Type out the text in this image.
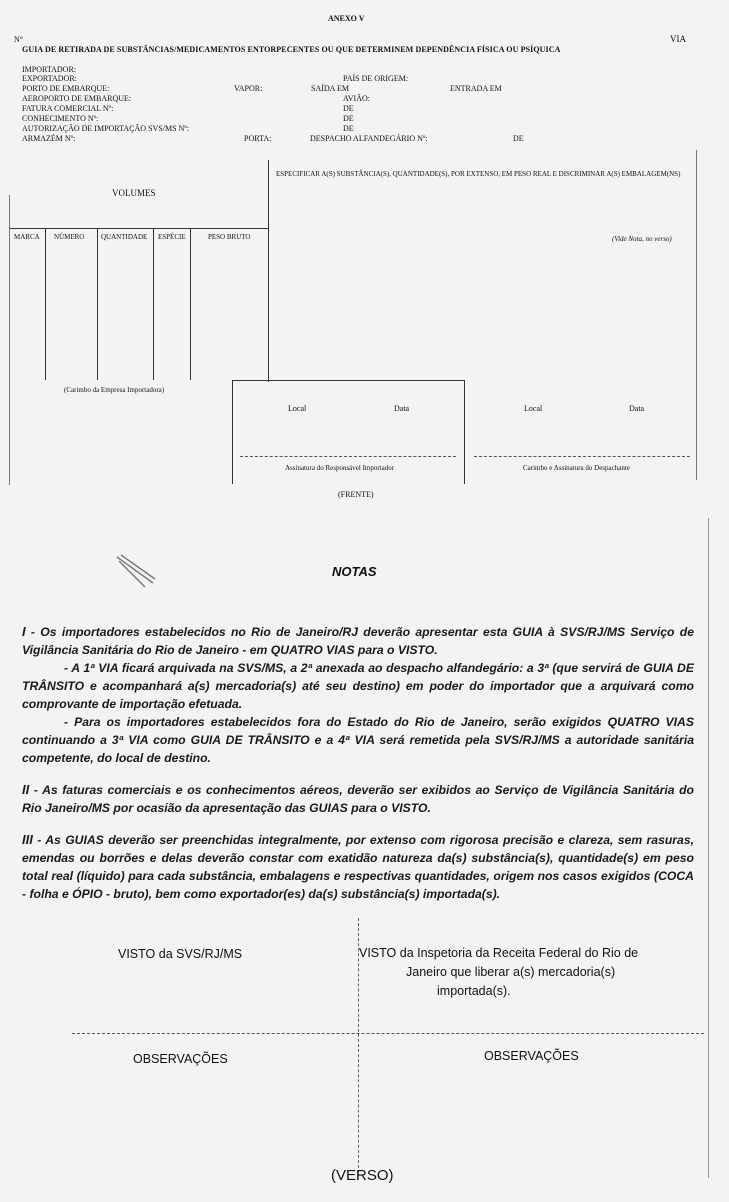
ANEXO V
N°	VIA
GUIA DE RETIRADA DE SUBSTÂNCIAS/MEDICAMENTOS ENTORPECENTES OU QUE DETERMINEM DEPENDÊNCIA FÍSICA OU PSÍQUICA
IMPORTADOR:
EXPORTADOR:	PAÍS DE ORIGEM:
PORTO DE EMBARQUE:	VAPOR:	SAÍDA EM	ENTRADA EM
AEROPORTO DE EMBARQUE:	AVIÃO:
FATURA COMERCIAL Nº:	DE
CONHECIMENTO Nº:	DE
AUTORIZAÇÃO DE IMPORTAÇÃO SVS/MS Nº:	DE
ARMAZÉM Nº:	PORTA:	DESPACHO ALFANDEGÁRIO Nº:	DE
ESPECIFICAR A(S) SUBSTÂNCIA(S), QUANTIDADE(S), POR EXTENSO, EM PESO REAL E DISCRIMINAR A(S) EMBALAGEM(NS)
VOLUMES
MARCA NÚMERO QUANTIDADE ESPÉCIE	PESO BRUTO	(Vide Nota, no verso)
(Carimbo da Empresa Importadora)
Local	Data	Local	Data
Assinatura do Responsável Importador	Carimbo e Assinatura do Despachante
(FRENTE)
NOTAS

I - Os importadores estabelecidos no Rio de Janeiro/RJ deverão apresentar esta GUIA à SVS/RJ/MS Serviço de Vigilância Sanitária do Rio de Janeiro - em QUATRO VIAS para o VISTO.

- A 1ª VIA ficará arquivada na SVS/MS, a 2ª anexada ao despacho alfandegário: a 3ª (que servirá de GUIA DE TRÂNSITO e acompanhará a(s) mercadoria(s) até seu destino) em poder do importador que a arquivará como comprovante de importação efetuada.

- Para os importadores estabelecidos fora do Estado do Rio de Janeiro, serão exigidos QUATRO VIAS continuando a 3ª VIA como GUIA DE TRÂNSITO e a 4ª VIA será remetida pela SVS/RJ/MS a autoridade sanitária competente, do local de destino.

II - As faturas comerciais e os conhecimentos aéreos, deverão ser exibidos ao Serviço de Vigilância Sanitária do Rio Janeiro/MS por ocasião da apresentação das GUIAS para o VISTO.

III - As GUIAS deverão ser preenchidas integralmente, por extenso com rigorosa precisão e clareza, sem rasuras, emendas ou borrões e delas deverão constar com exatidão natureza da(s) substância(s), quantidade(s) em peso total real (líquido) para cada substância, embalagens e respectivas quantidades, origem nos casos exigidos (COCA - folha e ÓPIO - bruto), bem como exportador(es) da(s) substância(s) importada(s).

VISTO da SVS/RJ/MS	VISTO da Inspetoria da Receita Federal do Rio de
Janeiro que liberar a(s) mercadoria(s)
importada(s).
OBSERVAÇÕES	OBSERVAÇÕES
(VERSO)
